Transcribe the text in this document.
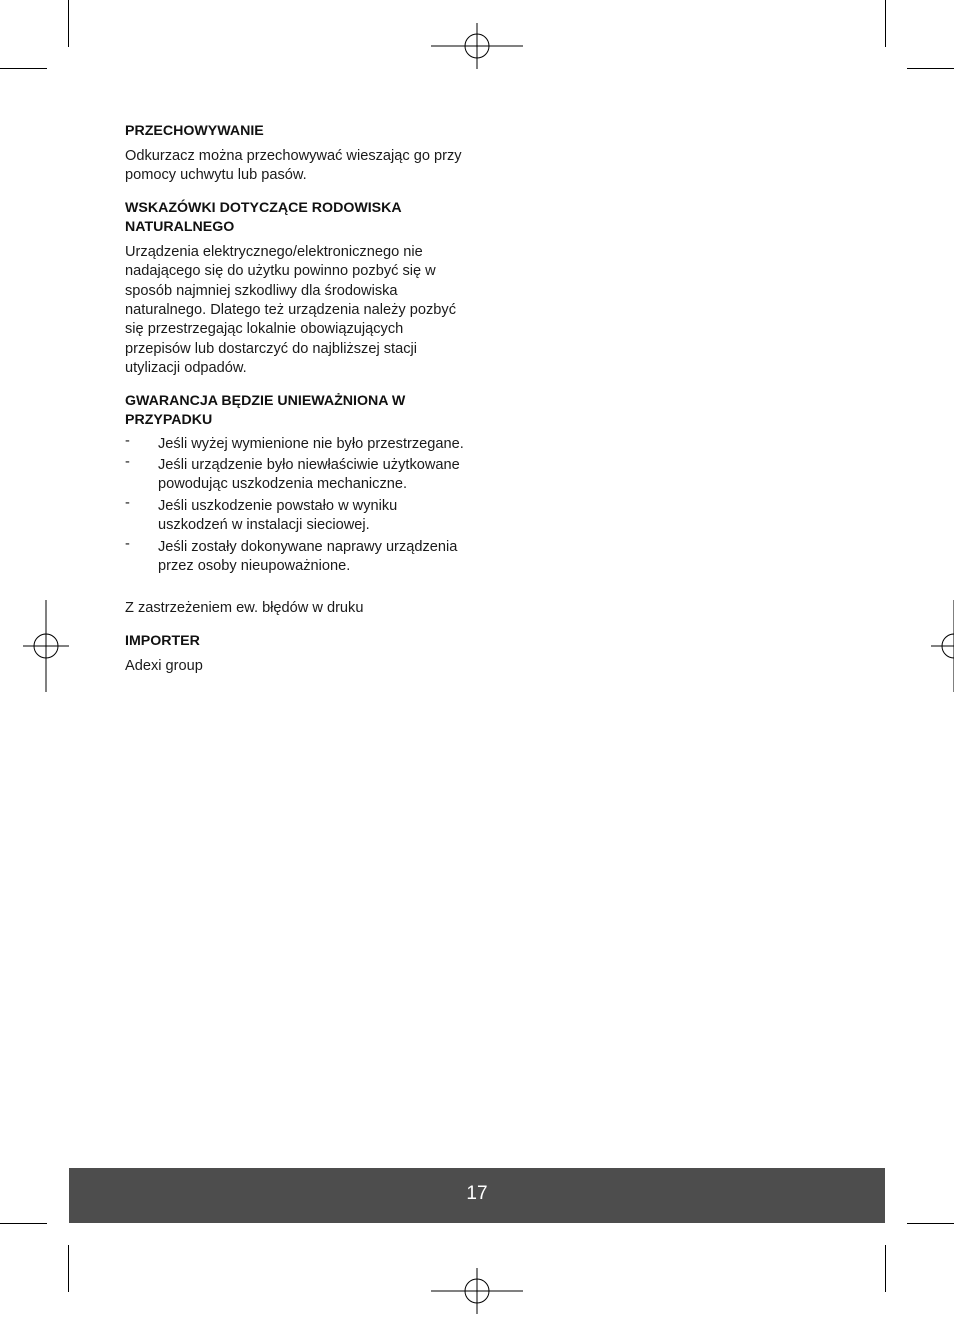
PRZECHOWYWANIE

Odkurzacz można przechowywać wieszając go przy pomocy uchwytu lub pasów.

WSKAZÓWKI DOTYCZĄCE RODOWISKA NATURALNEGO

Urządzenia elektrycznego/elektronicznego nie nadającego się do użytku powinno pozbyć się w sposób najmniej szkodliwy dla środowiska naturalnego. Dlatego też urządzenia należy pozbyć się przestrzegając lokalnie obowiązujących przepisów lub dostarczyć do najbliższej stacji utylizacji odpadów.

GWARANCJA BĘDZIE UNIEWAŻNIONA W PRZYPADKU
- Jeśli wyżej wymienione nie było przestrzegane.
- Jeśli urządzenie było niewłaściwie użytkowane powodując uszkodzenia mechaniczne.
- Jeśli uszkodzenie powstało w wyniku uszkodzeń w instalacji sieciowej.
- Jeśli zostały dokonywane naprawy urządzenia przez osoby nieupoważnione.

Z zastrzeżeniem ew. błędów w druku

IMPORTER

Adexi group

17
